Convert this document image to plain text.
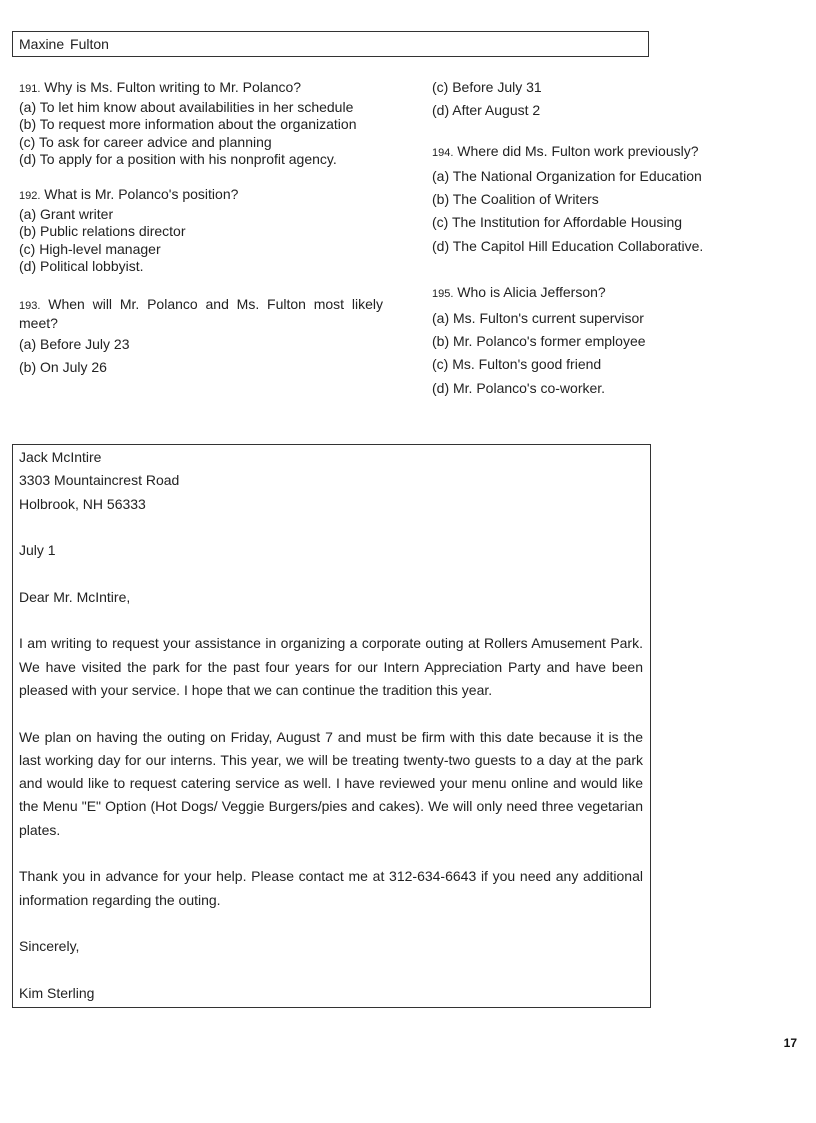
Maxine Fulton
191. Why is Ms. Fulton writing to Mr. Polanco?
(a) To let him know about availabilities in her schedule
(b) To request more information about the organization
(c) To ask for career advice and planning
(d) To apply for a position with his nonprofit agency.
192. What is Mr. Polanco's position?
(a) Grant writer
(b) Public relations director
(c) High-level manager
(d) Political lobbyist.
193. When will Mr. Polanco and Ms. Fulton most likely meet?
(a) Before July 23
(b) On July 26
(c) Before July 31
(d) After August 2
194. Where did Ms. Fulton work previously?
(a) The National Organization for Education
(b) The Coalition of Writers
(c) The Institution for Affordable Housing
(d) The Capitol Hill Education Collaborative.
195. Who is Alicia Jefferson?
(a) Ms. Fulton's current supervisor
(b) Mr. Polanco's former employee
(c) Ms. Fulton's good friend
(d) Mr. Polanco's co-worker.
Jack McIntire
3303 Mountaincrest Road
Holbrook, NH 56333
July 1
Dear Mr. McIntire,

I am writing to request your assistance in organizing a corporate outing at Rollers Amusement Park. We have visited the park for the past four years for our Intern Appreciation Party and have been pleased with your service. I hope that we can continue the tradition this year.

We plan on having the outing on Friday, August 7 and must be firm with this date because it is the last working day for our interns. This year, we will be treating twenty-two guests to a day at the park and would like to request catering service as well. I have reviewed your menu online and would like the Menu "E" Option (Hot Dogs/ Veggie Burgers/pies and cakes). We will only need three vegetarian plates.

Thank you in advance for your help. Please contact me at 312-634-6643 if you need any additional information regarding the outing.

Sincerely,
Kim Sterling
17
